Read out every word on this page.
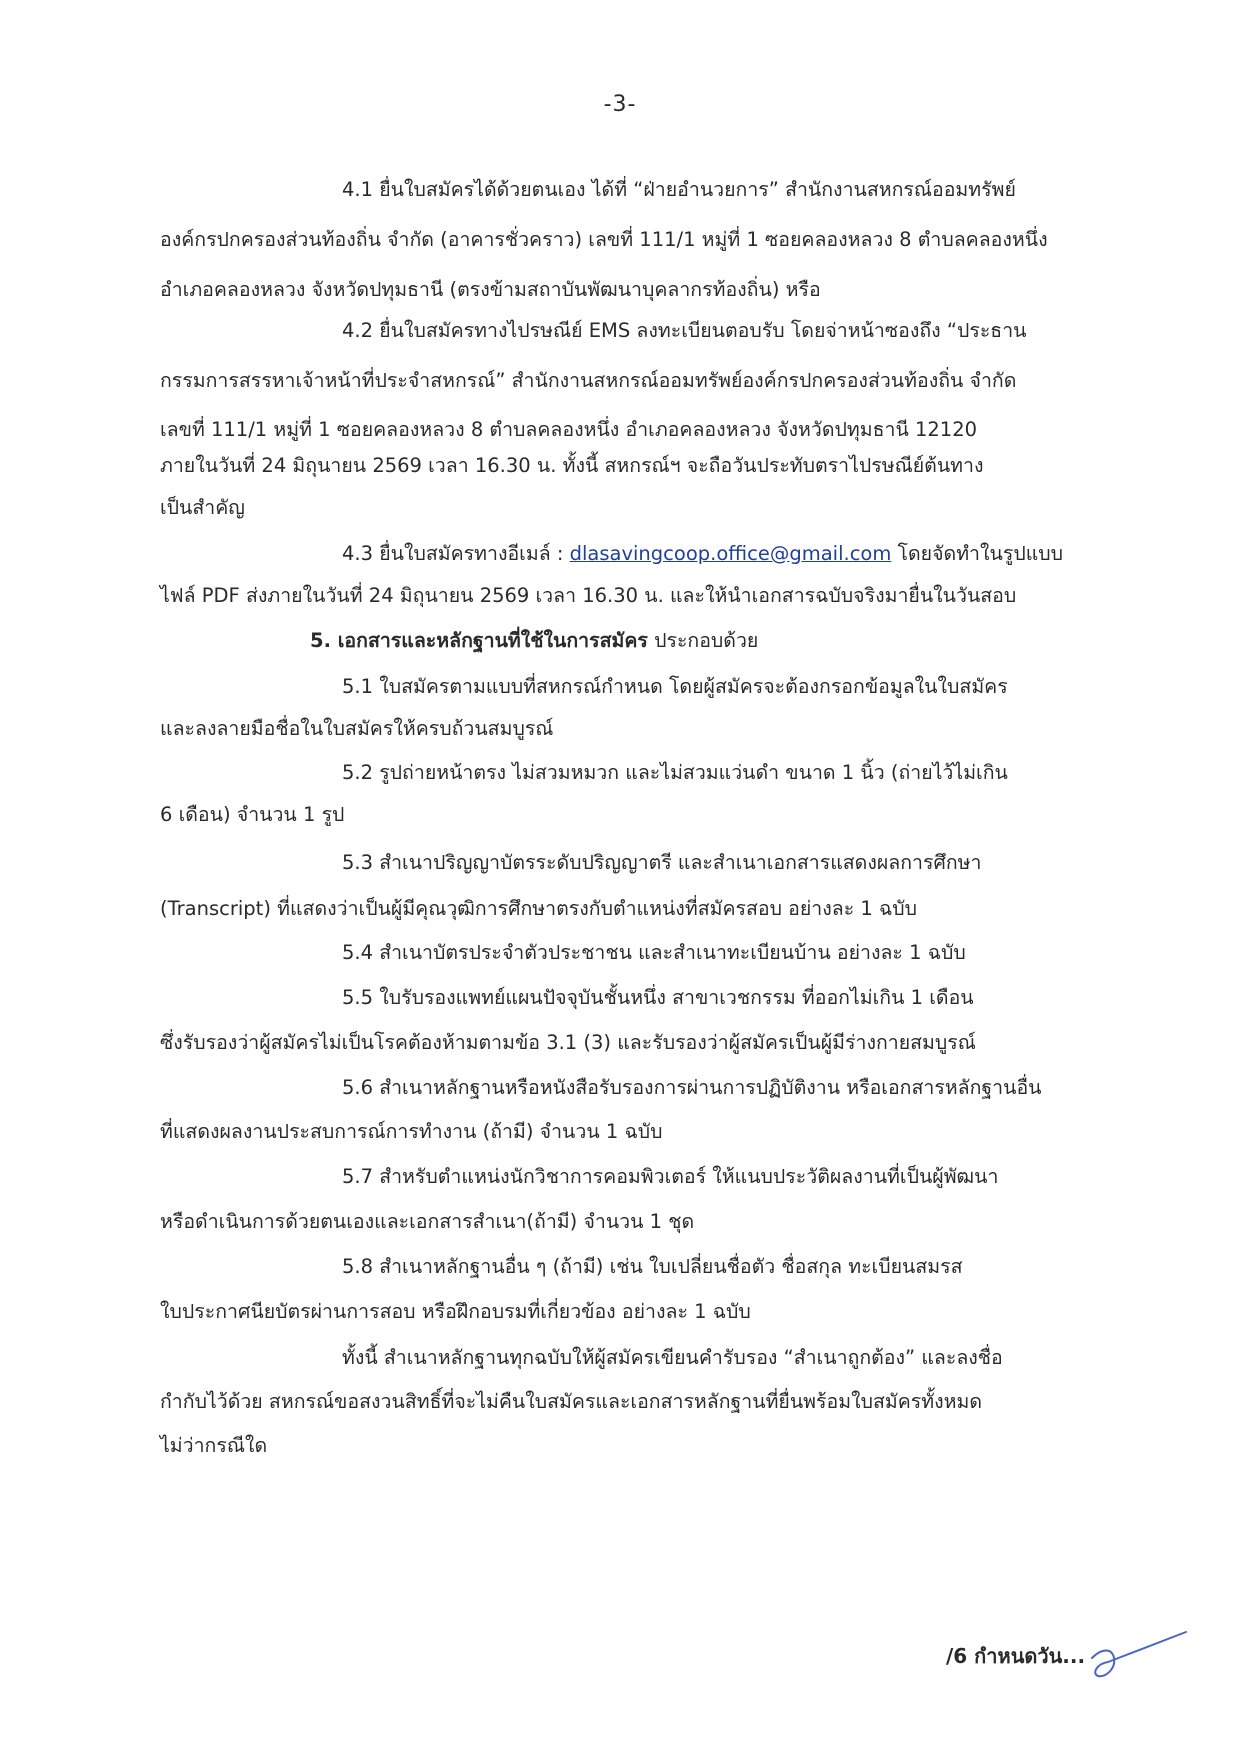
-3-
4.1 ยื่นใบสมัครได้ด้วยตนเอง ได้ที่ “ฝ่ายอำนวยการ” สำนักงานสหกรณ์ออมทรัพย์
องค์กรปกครองส่วนท้องถิ่น จำกัด (อาคารชั่วคราว) เลขที่ 111/1 หมู่ที่ 1 ซอยคลองหลวง 8 ตำบลคลองหนึ่ง
อำเภอคลองหลวง จังหวัดปทุมธานี (ตรงข้ามสถาบันพัฒนาบุคลากรท้องถิ่น) หรือ
4.2 ยื่นใบสมัครทางไปรษณีย์ EMS ลงทะเบียนตอบรับ โดยจ่าหน้าซองถึง “ประธาน
กรรมการสรรหาเจ้าหน้าที่ประจำสหกรณ์” สำนักงานสหกรณ์ออมทรัพย์องค์กรปกครองส่วนท้องถิ่น จำกัด
เลขที่ 111/1 หมู่ที่ 1 ซอยคลองหลวง 8 ตำบลคลองหนึ่ง อำเภอคลองหลวง จังหวัดปทุมธานี 12120
ภายในวันที่ 24 มิถุนายน 2569 เวลา 16.30 น. ทั้งนี้ สหกรณ์ฯ จะถือวันประทับตราไปรษณีย์ต้นทาง
เป็นสำคัญ
4.3 ยื่นใบสมัครทางอีเมล์ : dlasavingcoop.office@gmail.com โดยจัดทำในรูปแบบ
ไฟล์ PDF ส่งภายในวันที่ 24 มิถุนายน 2569 เวลา 16.30 น. และให้นำเอกสารฉบับจริงมายื่นในวันสอบ
5. เอกสารและหลักฐานที่ใช้ในการสมัคร ประกอบด้วย
5.1 ใบสมัครตามแบบที่สหกรณ์กำหนด โดยผู้สมัครจะต้องกรอกข้อมูลในใบสมัคร
และลงลายมือชื่อในใบสมัครให้ครบถ้วนสมบูรณ์
5.2 รูปถ่ายหน้าตรง ไม่สวมหมวก และไม่สวมแว่นดำ ขนาด 1 นิ้ว (ถ่ายไว้ไม่เกิน
6 เดือน) จำนวน 1 รูป
5.3 สำเนาปริญญาบัตรระดับปริญญาตรี และสำเนาเอกสารแสดงผลการศึกษา
(Transcript) ที่แสดงว่าเป็นผู้มีคุณวุฒิการศึกษาตรงกับตำแหน่งที่สมัครสอบ อย่างละ 1 ฉบับ
5.4 สำเนาบัตรประจำตัวประชาชน และสำเนาทะเบียนบ้าน อย่างละ 1 ฉบับ
5.5 ใบรับรองแพทย์แผนปัจจุบันชั้นหนึ่ง สาขาเวชกรรม ที่ออกไม่เกิน 1 เดือน
ซึ่งรับรองว่าผู้สมัครไม่เป็นโรคต้องห้ามตามข้อ 3.1 (3) และรับรองว่าผู้สมัครเป็นผู้มีร่างกายสมบูรณ์
5.6 สำเนาหลักฐานหรือหนังสือรับรองการผ่านการปฏิบัติงาน หรือเอกสารหลักฐานอื่น
ที่แสดงผลงานประสบการณ์การทำงาน (ถ้ามี) จำนวน 1 ฉบับ
5.7 สำหรับตำแหน่งนักวิชาการคอมพิวเตอร์ ให้แนบประวัติผลงานที่เป็นผู้พัฒนา
หรือดำเนินการด้วยตนเองและเอกสารสำเนา(ถ้ามี) จำนวน 1 ชุด
5.8 สำเนาหลักฐานอื่น ๆ (ถ้ามี) เช่น ใบเปลี่ยนชื่อตัว ชื่อสกุล ทะเบียนสมรส
ใบประกาศนียบัตรผ่านการสอบ หรือฝึกอบรมที่เกี่ยวข้อง อย่างละ 1 ฉบับ
ทั้งนี้ สำเนาหลักฐานทุกฉบับให้ผู้สมัครเขียนคำรับรอง “สำเนาถูกต้อง” และลงชื่อ
กำกับไว้ด้วย สหกรณ์ขอสงวนสิทธิ์ที่จะไม่คืนใบสมัครและเอกสารหลักฐานที่ยื่นพร้อมใบสมัครทั้งหมด
ไม่ว่ากรณีใด
/6 กำหนดวัน...
